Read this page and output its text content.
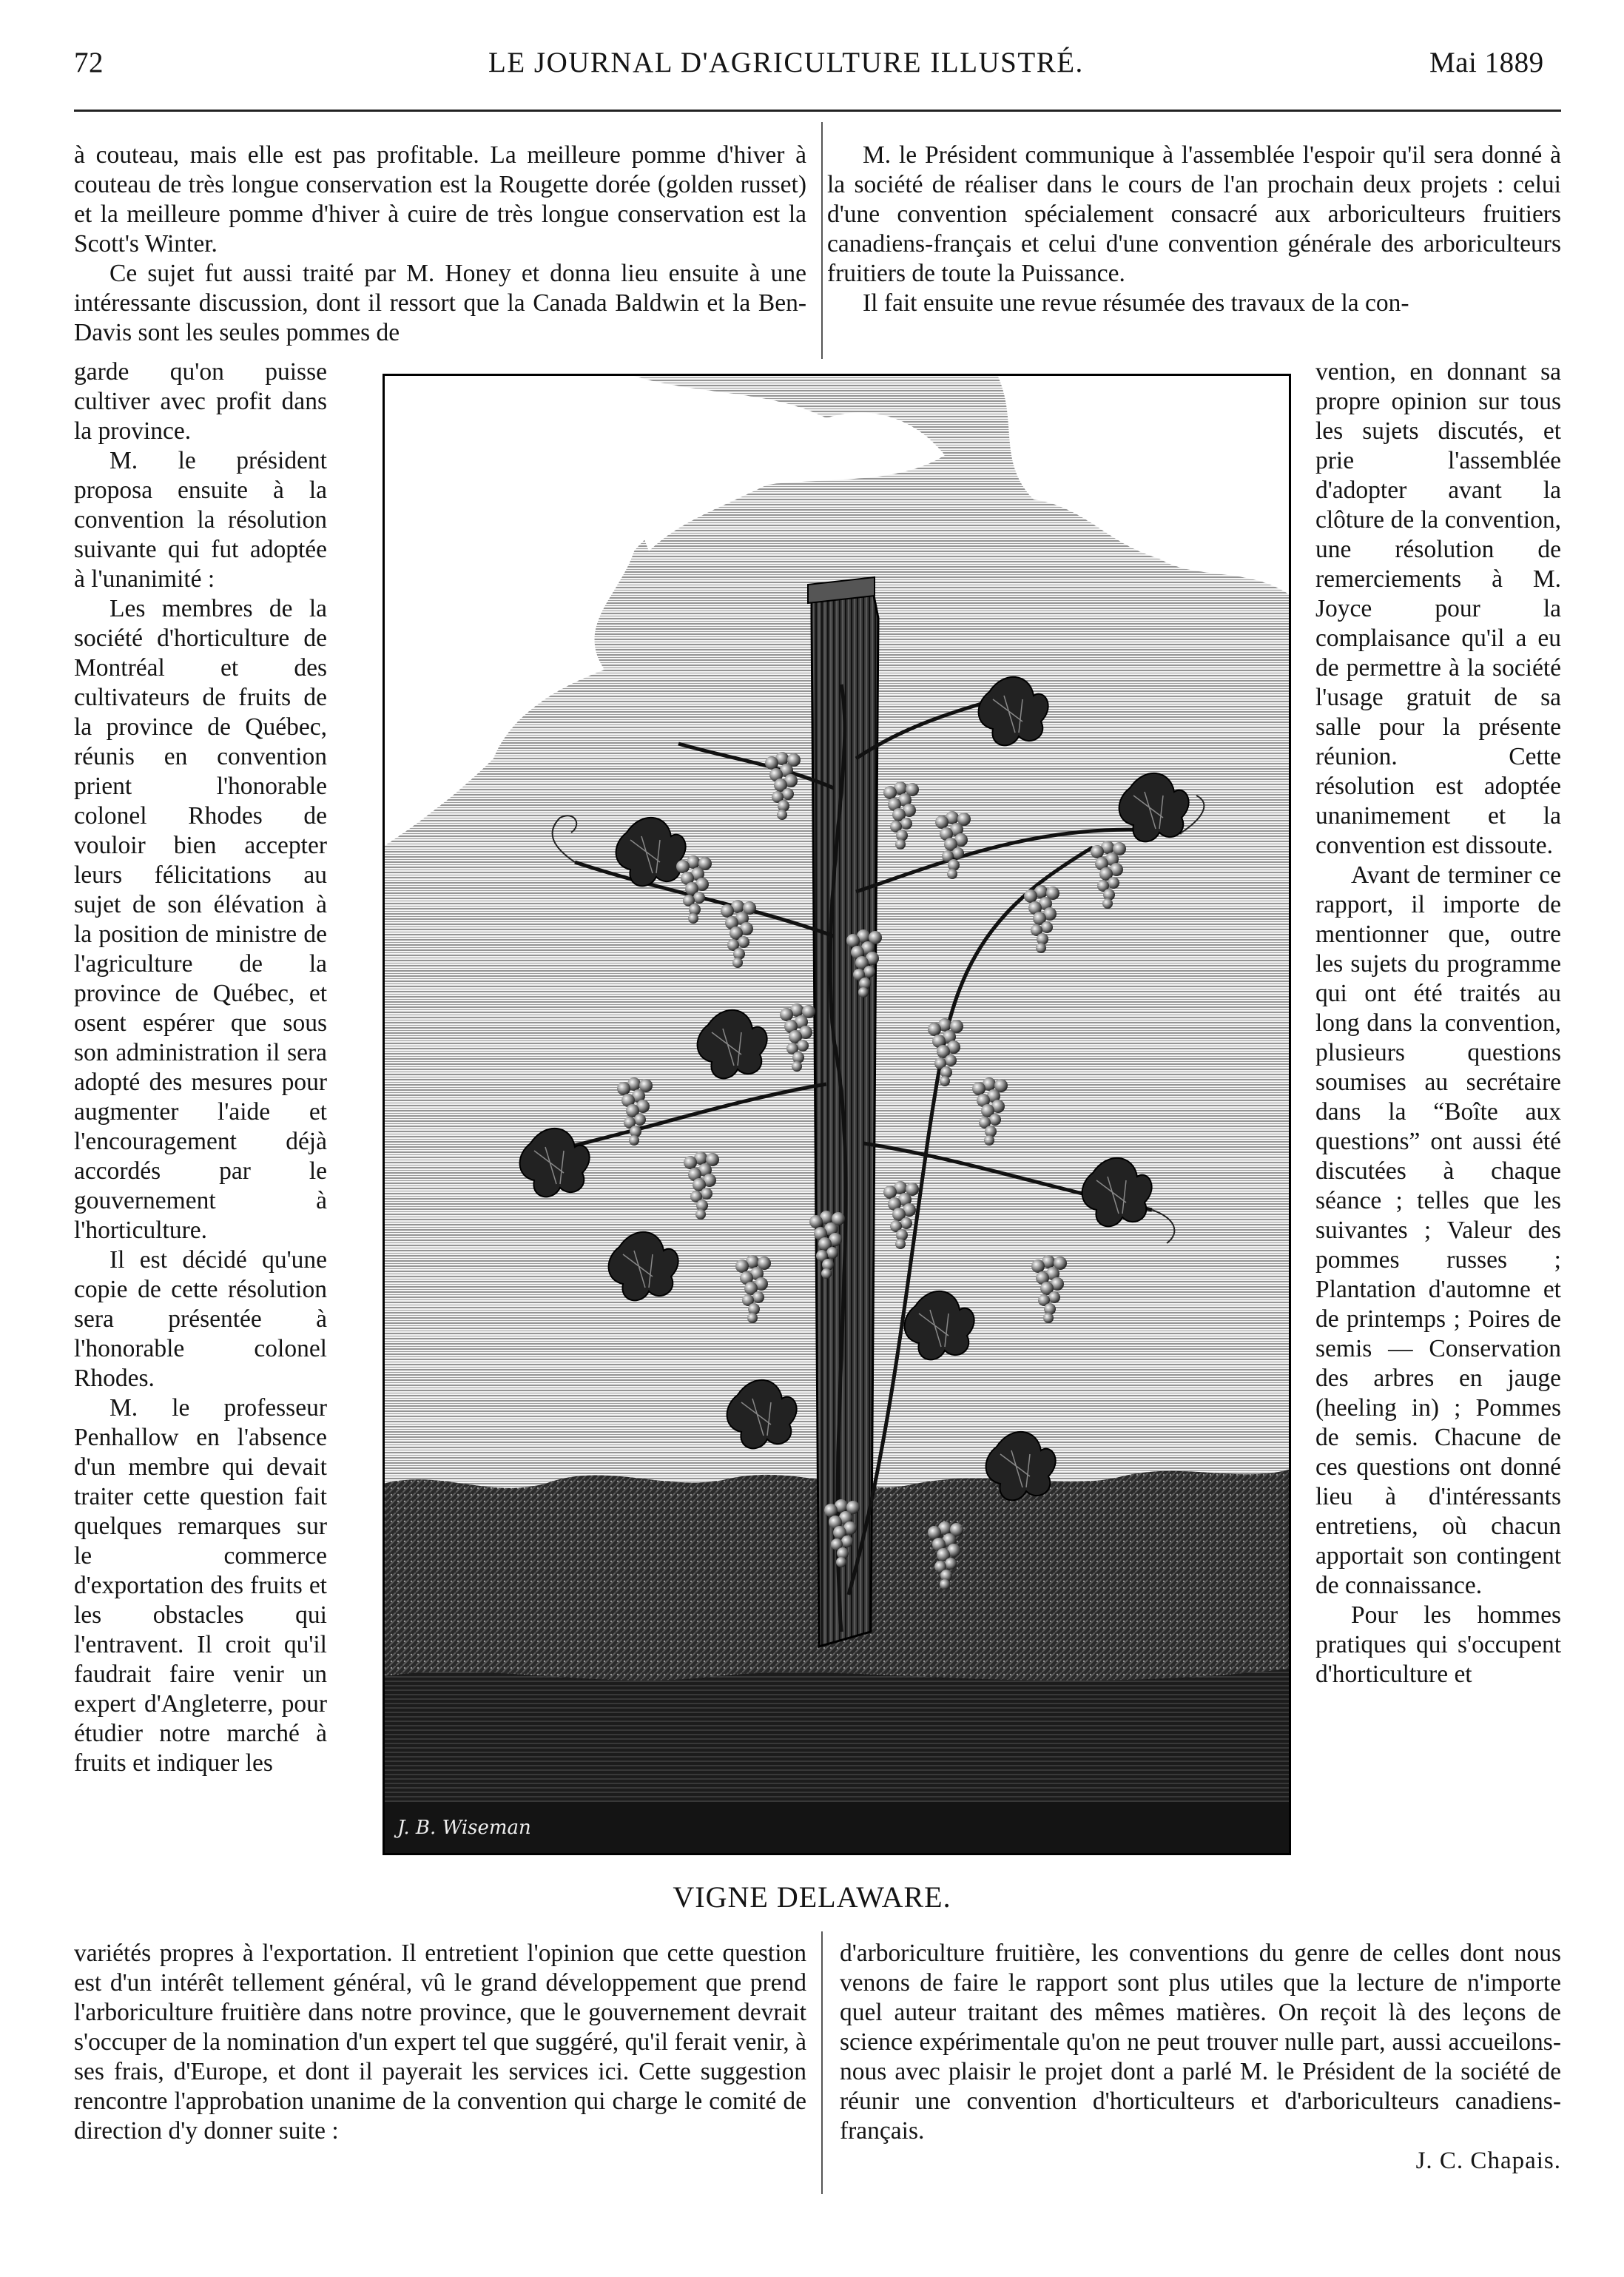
72	LE JOURNAL D'AGRICULTURE ILLUSTRÉ.	Mai 1889

à couteau, mais elle est pas profitable. La meilleure pomme d'hiver à couteau de très longue conservation est la Rougette dorée (golden russet) et la meilleure pomme d'hiver à cuire de très longue conservation est la Scott's Winter.

Ce sujet fut aussi traité par M. Honey et donna lieu ensuite à une intéressante discussion, dont il ressort que la Canada Baldwin et la Ben-Davis sont les seules pommes de

garde qu'on puisse cultiver avec profit dans la province.

M. le président proposa ensuite à la convention la résolution suivante qui fut adoptée à l'unanimité :

Les membres de la société d'horticulture de Montréal et des cultivateurs de fruits de la province de Québec, réunis en convention prient l'honorable colonel Rhodes de vouloir bien accepter leurs félicitations au sujet de son élévation à la position de ministre de l'agriculture de la province de Québec, et osent espérer que sous son administration il sera adopté des mesures pour augmenter l'aide et l'encouragement déjà accordés par le gouvernement à l'horticulture.

Il est décidé qu'une copie de cette résolution sera présentée à l'honorable colonel Rhodes.

M. le professeur Penhallow en l'absence d'un membre qui devait traiter cette question fait quelques remarques sur le commerce d'exportation des fruits et les obstacles qui l'entravent. Il croit qu'il faudrait faire venir un expert d'Angleterre, pour étudier notre marché à fruits et indiquer les

variétés propres à l'exportation. Il entretient l'opinion que cette question est d'un intérêt tellement général, vû le grand développement que prend l'arboriculture fruitière dans notre province, que le gouvernement devrait s'occuper de la nomination d'un expert tel que suggéré, qu'il ferait venir, à ses frais, d'Europe, et dont il payerait les services ici. Cette suggestion rencontre l'approbation unanime de la convention qui charge le comité de direction d'y donner suite :

M. le Président communique à l'assemblée l'espoir qu'il sera donné à la société de réaliser dans le cours de l'an prochain deux projets : celui d'une convention spécialement consacré aux arboriculteurs fruitiers canadiens-français et celui d'une convention générale des arboriculteurs fruitiers de toute la Puissance.

Il fait ensuite une revue résumée des travaux de la con-

vention, en donnant sa propre opinion sur tous les sujets discutés, et prie l'assemblée d'adopter avant la clôture de la convention, une résolution de remerciements à M. Joyce pour la complaisance qu'il a eu de permettre à la société l'usage gratuit de sa salle pour la présente réunion. Cette résolution est adoptée unanimement et la convention est dissoute.

Avant de terminer ce rapport, il importe de mentionner que, outre les sujets du programme qui ont été traités au long dans la convention, plusieurs questions soumises au secrétaire dans la “Boîte aux questions” ont aussi été discutées à chaque séance ; telles que les suivantes ; Valeur des pommes russes ; Plantation d'automne et de printemps ; Poires de semis — Conservation des arbres en jauge (heeling in) ; Pommes de semis. Chacune de ces questions ont donné lieu à d'intéressants entretiens, où chacun apportait son contingent de connaissance.

Pour les hommes pratiques qui s'occupent d'horticulture et

d'arboriculture fruitière, les conventions du genre de celles dont nous venons de faire le rapport sont plus utiles que la lecture de n'importe quel auteur traitant des mêmes matières. On reçoit là des leçons de science expérimentale qu'on ne peut trouver nulle part, aussi accueilons-nous avec plaisir le projet dont a parlé M. le Président de la société de réunir une convention d'horticulteurs et d'arboriculteurs canadiens-français.

J. C. Chapais.

J. B. Wiseman
VIGNE DELAWARE.
